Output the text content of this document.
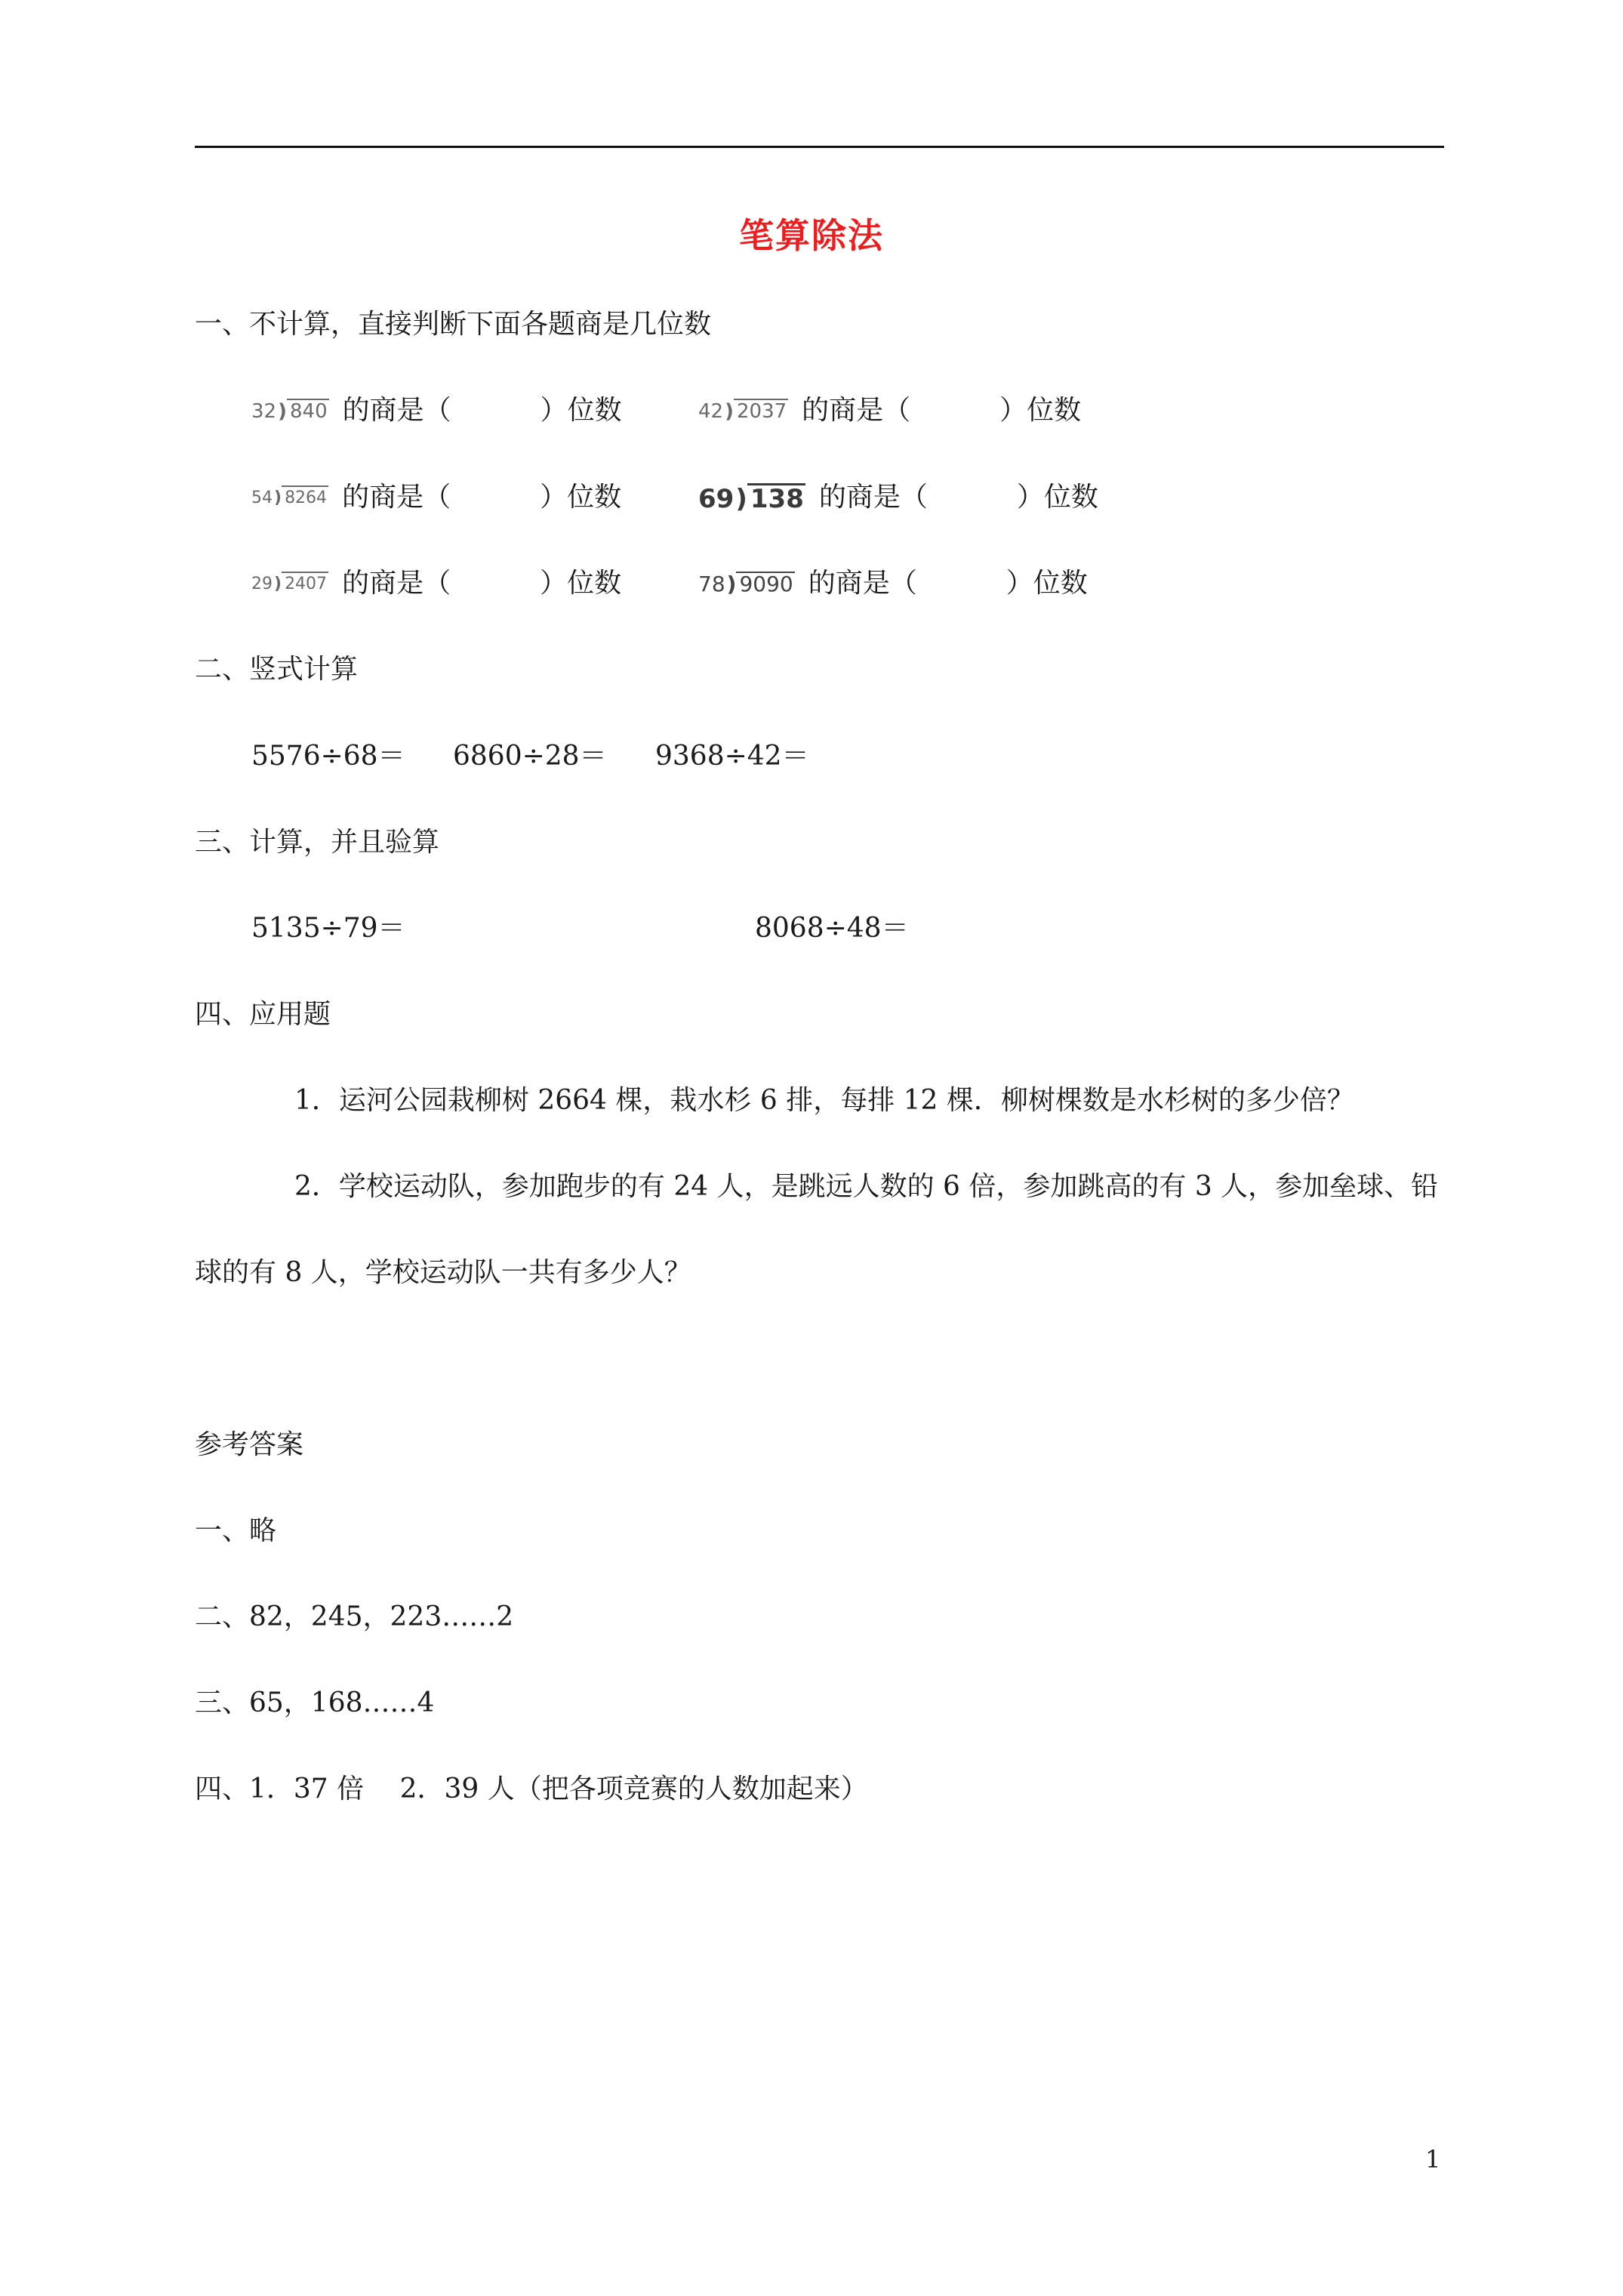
笔算除法
一、不计算，直接判断下面各题商是几位数
32 ) 840 的商是（	）位数	42 ) 2037 的商是（	）位数
54 ) 8264 的商是（	）位数	69 ) 138 的商是（	）位数
29 ) 2407 的商是（	）位数	78 ) 9090 的商是（	）位数
二、竖式计算
5576÷68＝ 6860÷28＝ 9368÷42＝
三、计算，并且验算
5135÷79＝	8068÷48＝
四、应用题
1．运河公园栽柳树 2664 棵，栽水杉 6 排，每排 12 棵．柳树棵数是水杉树的多少倍？
2．学校运动队，参加跑步的有 24 人，是跳远人数的 6 倍，参加跳高的有 3 人，参加垒球、铅
球的有 8 人，学校运动队一共有多少人？
参考答案
一、略
二、82，245，223……2
三、65，168……4
四、1．37 倍　 2．39 人（把各项竞赛的人数加起来）
1
